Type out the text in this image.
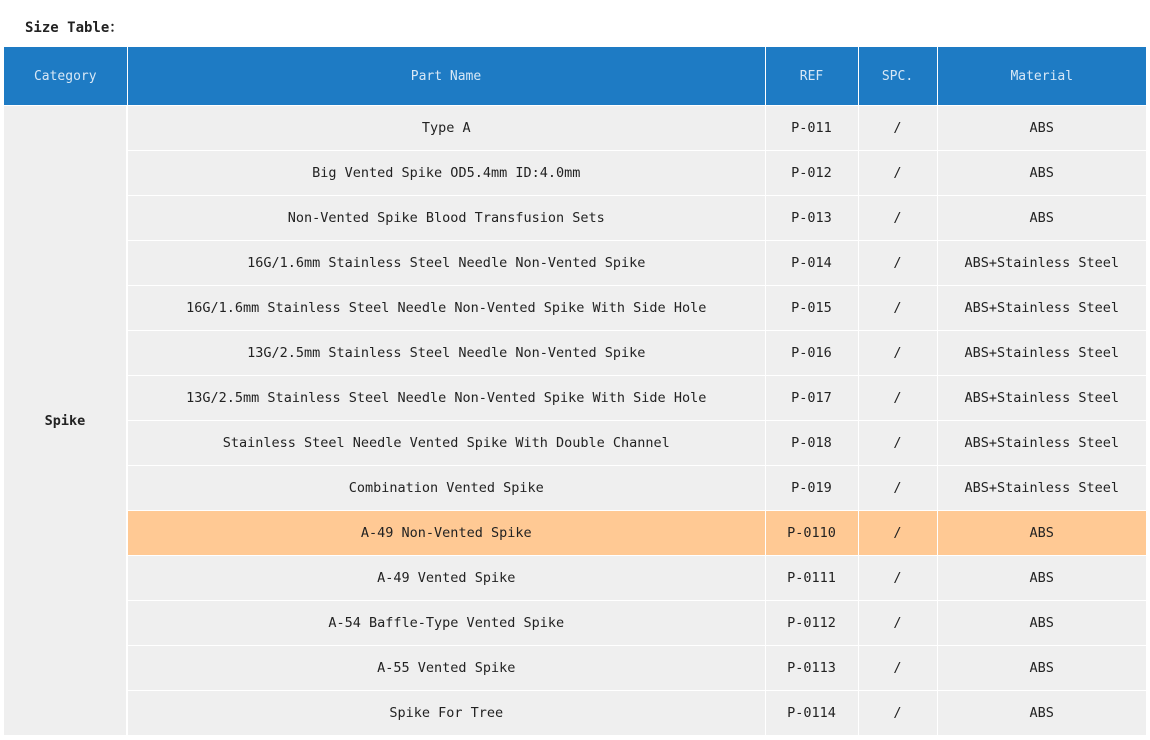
Size Table：
Category	Part Name	REF	SPC.	Material
Spike	Type A	P-011	/	ABS
	Big Vented Spike OD5.4mm ID:4.0mm	P-012	/	ABS
	Non-Vented Spike Blood Transfusion Sets	P-013	/	ABS
	16G/1.6mm Stainless Steel Needle Non-Vented Spike	P-014	/	ABS+Stainless Steel
	16G/1.6mm Stainless Steel Needle Non-Vented Spike With Side Hole	P-015	/	ABS+Stainless Steel
	13G/2.5mm Stainless Steel Needle Non-Vented Spike	P-016	/	ABS+Stainless Steel
	13G/2.5mm Stainless Steel Needle Non-Vented Spike With Side Hole	P-017	/	ABS+Stainless Steel
	Stainless Steel Needle Vented Spike With Double Channel	P-018	/	ABS+Stainless Steel
	Combination Vented Spike	P-019	/	ABS+Stainless Steel
	A-49 Non-Vented Spike	P-0110	/	ABS
	A-49 Vented Spike	P-0111	/	ABS
	A-54 Baffle-Type Vented Spike	P-0112	/	ABS
	A-55 Vented Spike	P-0113	/	ABS
	Spike For Tree	P-0114	/	ABS
